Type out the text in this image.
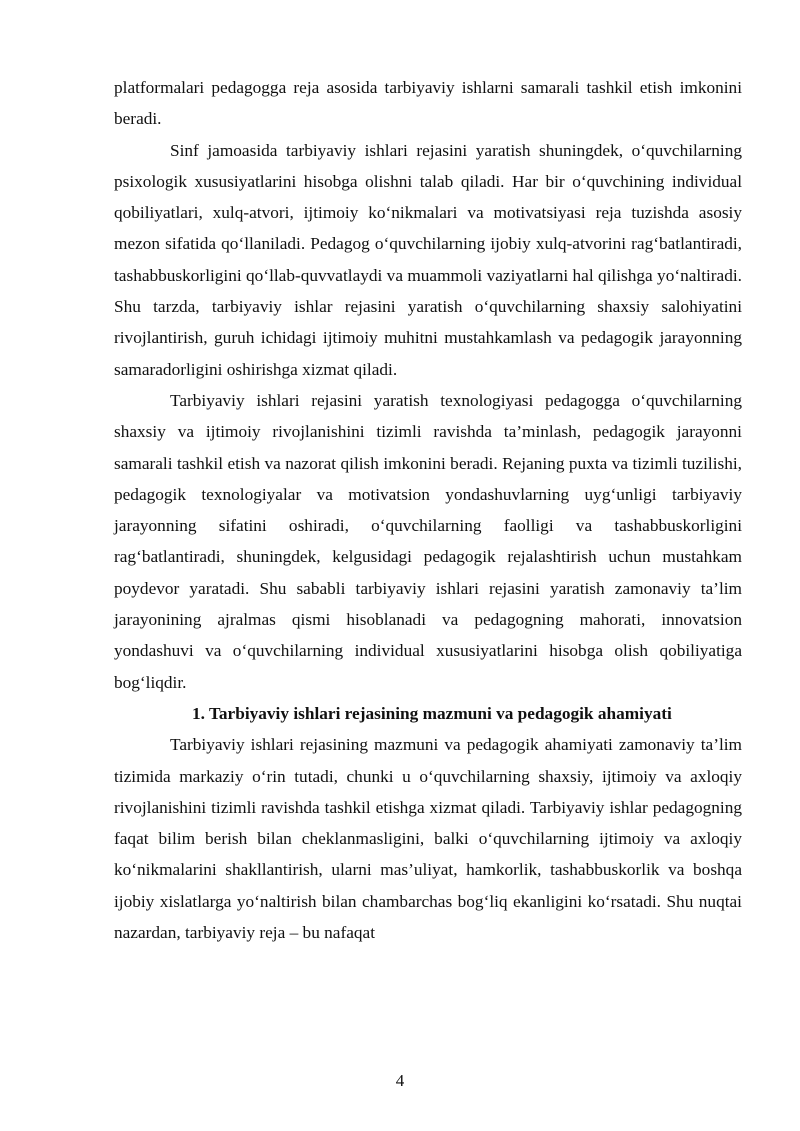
platformalari pedagogga reja asosida tarbiyaviy ishlarni samarali tashkil etish imkonini beradi.

Sinf jamoasida tarbiyaviy ishlari rejasini yaratish shuningdek, o‘quvchilarning psixologik xususiyatlarini hisobga olishni talab qiladi. Har bir o‘quvchining individual qobiliyatlari, xulq-atvori, ijtimoiy ko‘nikmalari va motivatsiyasi reja tuzishda asosiy mezon sifatida qo‘llaniladi. Pedagog o‘quvchilarning ijobiy xulq-atvorini rag‘batlantiradi, tashabbuskorligini qo‘llab-quvvatlaydi va muammoli vaziyatlarni hal qilishga yo‘naltiradi. Shu tarzda, tarbiyaviy ishlar rejasini yaratish o‘quvchilarning shaxsiy salohiyatini rivojlantirish, guruh ichidagi ijtimoiy muhitni mustahkamlash va pedagogik jarayonning samaradorligini oshirishga xizmat qiladi.

Tarbiyaviy ishlari rejasini yaratish texnologiyasi pedagogga o‘quvchilarning shaxsiy va ijtimoiy rivojlanishini tizimli ravishda ta’minlash, pedagogik jarayonni samarali tashkil etish va nazorat qilish imkonini beradi. Rejaning puxta va tizimli tuzilishi, pedagogik texnologiyalar va motivatsion yondashuvlarning uyg‘unligi tarbiyaviy jarayonning sifatini oshiradi, o‘quvchilarning faolligi va tashabbuskorligini rag‘batlantiradi, shuningdek, kelgusidagi pedagogik rejalashtirish uchun mustahkam poydevor yaratadi. Shu sababli tarbiyaviy ishlari rejasini yaratish zamonaviy ta’lim jarayonining ajralmas qismi hisoblanadi va pedagogning mahorati, innovatsion yondashuvi va o‘quvchilarning individual xususiyatlarini hisobga olish qobiliyatiga bog‘liqdir.

1. Tarbiyaviy ishlari rejasining mazmuni va pedagogik ahamiyati

Tarbiyaviy ishlari rejasining mazmuni va pedagogik ahamiyati zamonaviy ta’lim tizimida markaziy o‘rin tutadi, chunki u o‘quvchilarning shaxsiy, ijtimoiy va axloqiy rivojlanishini tizimli ravishda tashkil etishga xizmat qiladi. Tarbiyaviy ishlar pedagogning faqat bilim berish bilan cheklanmasligini, balki o‘quvchilarning ijtimoiy va axloqiy ko‘nikmalarini shakllantirish, ularni mas’uliyat, hamkorlik, tashabbuskorlik va boshqa ijobiy xislatlarga yo‘naltirish bilan chambarchas bog‘liq ekanligini ko‘rsatadi. Shu nuqtai nazardan, tarbiyaviy reja – bu nafaqat

4
